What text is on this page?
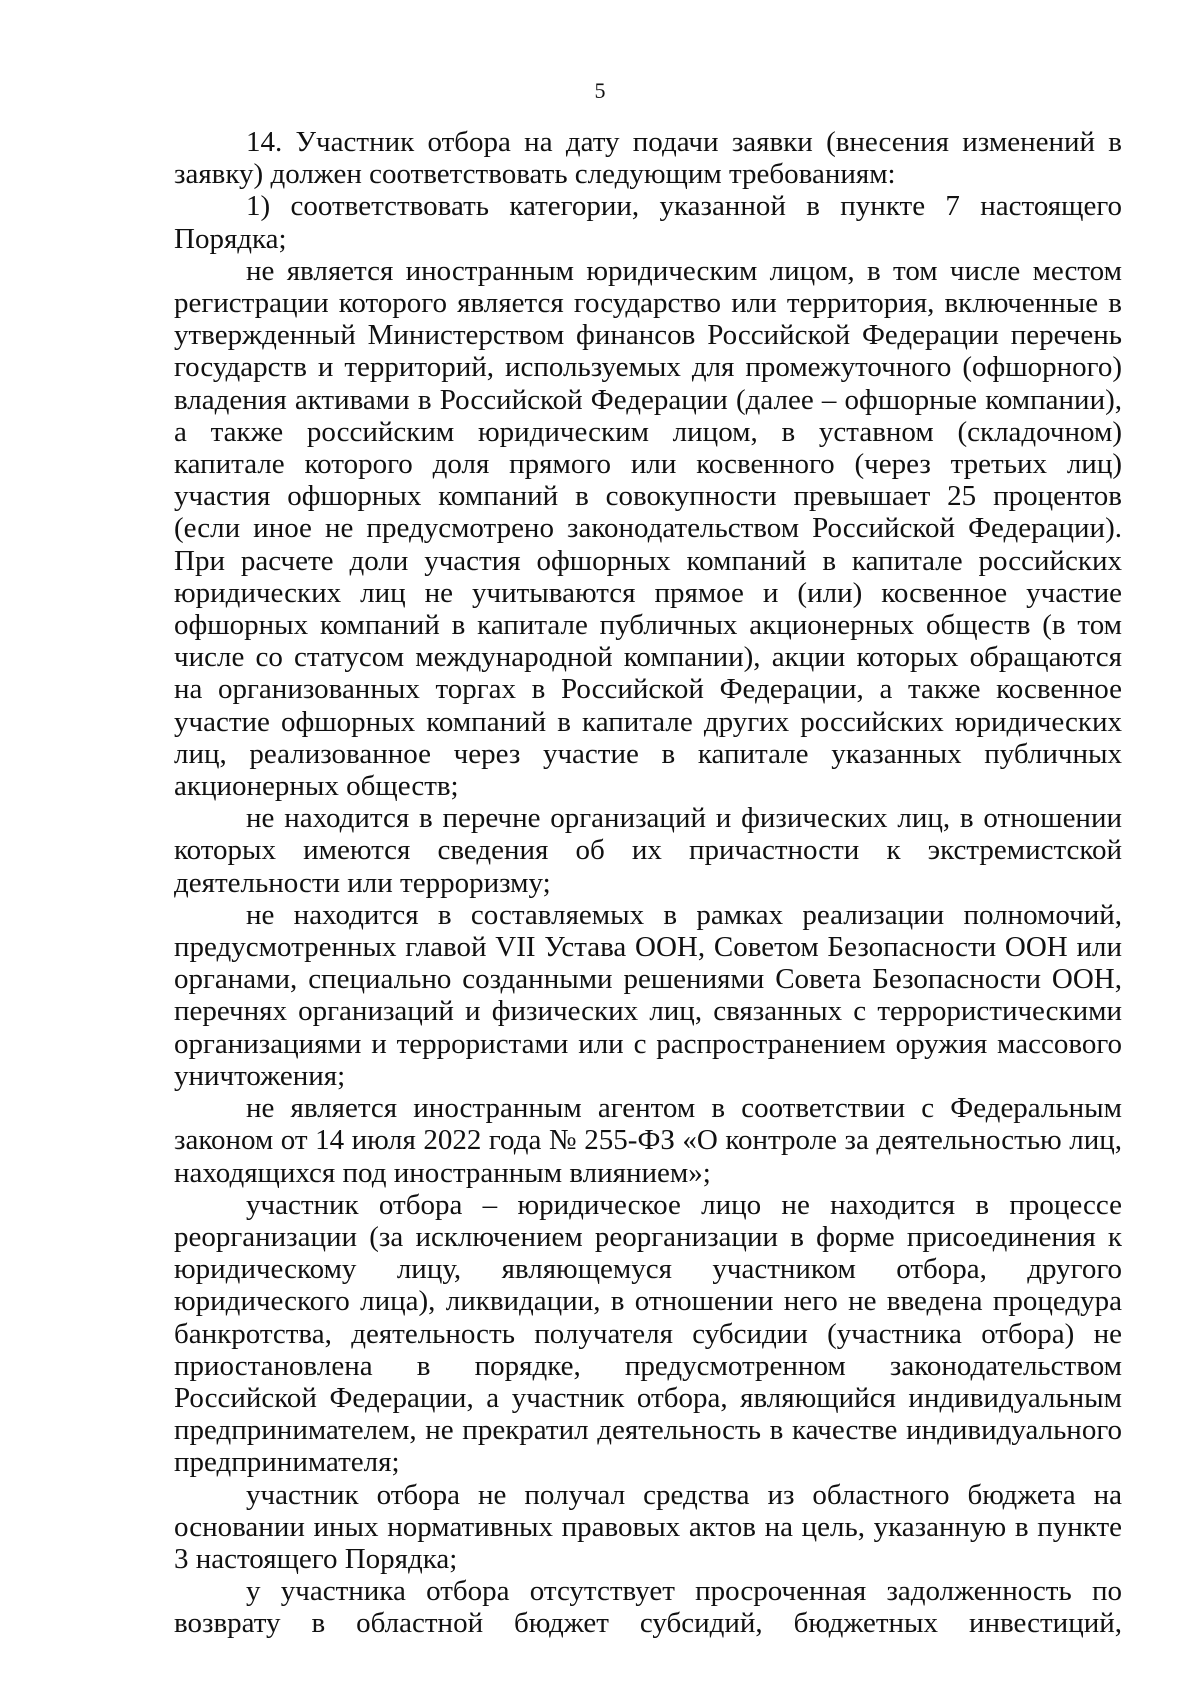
5

14. Участник отбора на дату подачи заявки (внесения изменений в заявку) должен соответствовать следующим требованиям:

1) соответствовать категории, указанной в пункте 7 настоящего Порядка;

не является иностранным юридическим лицом, в том числе местом регистрации которого является государство или территория, включенные в утвержденный Министерством финансов Российской Федерации перечень государств и территорий, используемых для промежуточного (офшорного) владения активами в Российской Федерации (далее – офшорные компании), а также российским юридическим лицом, в уставном (складочном) капитале которого доля прямого или косвенного (через третьих лиц) участия офшорных компаний в совокупности превышает 25 процентов (если иное не предусмотрено законодательством Российской Федерации). При расчете доли участия офшорных компаний в капитале российских юридических лиц не учитываются прямое и (или) косвенное участие офшорных компаний в капитале публичных акционерных обществ (в том числе со статусом международной компании), акции которых обращаются на организованных торгах в Российской Федерации, а также косвенное участие офшорных компаний в капитале других российских юридических лиц, реализованное через участие в капитале указанных публичных акционерных обществ;

не находится в перечне организаций и физических лиц, в отношении которых имеются сведения об их причастности к экстремистской деятельности или терроризму;

не находится в составляемых в рамках реализации полномочий, предусмотренных главой VII Устава ООН, Советом Безопасности ООН или органами, специально созданными решениями Совета Безопасности ООН, перечнях организаций и физических лиц, связанных с террористическими организациями и террористами или с распространением оружия массового уничтожения;

не является иностранным агентом в соответствии с Федеральным законом от 14 июля 2022 года № 255-ФЗ «О контроле за деятельностью лиц, находящихся под иностранным влиянием»;

участник отбора – юридическое лицо не находится в процессе реорганизации (за исключением реорганизации в форме присоединения к юридическому лицу, являющемуся участником отбора, другого юридического лица), ликвидации, в отношении него не введена процедура банкротства, деятельность получателя субсидии (участника отбора) не приостановлена в порядке, предусмотренном законодательством Российской Федерации, а участник отбора, являющийся индивидуальным предпринимателем, не прекратил деятельность в качестве индивидуального предпринимателя;

участник отбора не получал средства из областного бюджета на основании иных нормативных правовых актов на цель, указанную в пункте 3 настоящего Порядка;

у участника отбора отсутствует просроченная задолженность по возврату в областной бюджет субсидий, бюджетных инвестиций,
